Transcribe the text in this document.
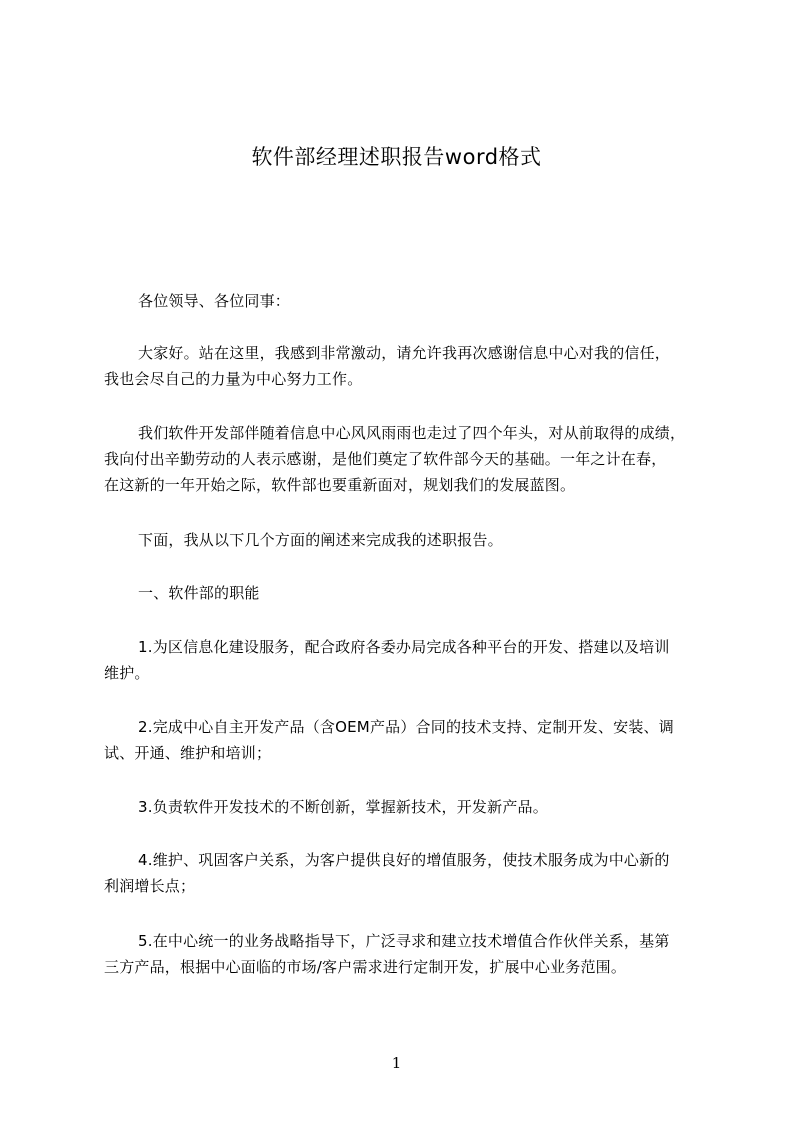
软件部经理述职报告word格式
各位领导、各位同事：
大家好。站在这里，我感到非常激动，请允许我再次感谢信息中心对我的信任，
我也会尽自己的力量为中心努力工作。
我们软件开发部伴随着信息中心风风雨雨也走过了四个年头，对从前取得的成绩，
我向付出辛勤劳动的人表示感谢，是他们奠定了软件部今天的基础。一年之计在春，
在这新的一年开始之际，软件部也要重新面对，规划我们的发展蓝图。
下面，我从以下几个方面的阐述来完成我的述职报告。
一、软件部的职能
1.为区信息化建设服务，配合政府各委办局完成各种平台的开发、搭建以及培训
维护。
2.完成中心自主开发产品（含OEM产品）合同的技术支持、定制开发、安装、调
试、开通、维护和培训；
3.负责软件开发技术的不断创新，掌握新技术，开发新产品。
4.维护、巩固客户关系，为客户提供良好的增值服务，使技术服务成为中心新的
利润增长点；
5.在中心统一的业务战略指导下，广泛寻求和建立技术增值合作伙伴关系，基第
三方产品，根据中心面临的市场/客户需求进行定制开发，扩展中心业务范围。
1
